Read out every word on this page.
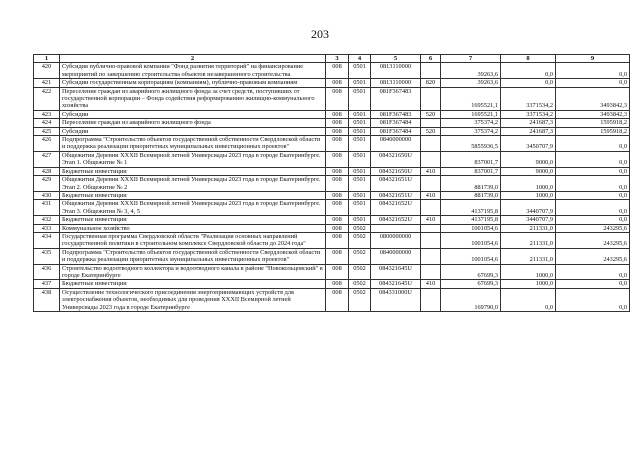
203
1	2	3	4	5	6	7	8	9
420	Субсидия публично-правовой компании "Фонд развития территорий" на финансирование мероприятий по завершению строительства объектов незавершенного строительства	008	0501	0813110000		39263,6	0,0	0,0
421	Субсидии государственным корпорациям (компаниям), публично-правовым компаниям	008	0501	0813110000	820	39263,6	0,0	0,0
422	Переселение граждан из аварийного жилищного фонда за счет средств, поступивших от государственной корпорации – Фонда содействия реформированию жилищно-коммунального хозяйства	008	0501	081F367483		1695521,1	3371534,2	3493842,3
423	Субсидии	008	0501	081F367483	520	1695521,1	3371534,2	3493842,3
424	Переселение граждан из аварийного жилищного фонда	008	0501	081F367484		375374,2	241687,3	1595918,2
425	Субсидии	008	0501	081F367484	520	375374,2	241687,3	1595918,2
426	Подпрограмма "Строительство объектов государственной собственности Свердловской области и поддержка реализации приоритетных муниципальных инвестиционных проектов"	008	0501	0840000000		5855936,5	3450707,9	0,0
427	Общежития Деревни XXXII Всемирной летней Универсиады 2023 года в городе Екатеринбурге. Этап 1. Общежитие № 1	008	0501	084321650U		837001,7	9000,0	0,0
428	Бюджетные инвестиции	008	0501	084321650U	410	837001,7	9000,0	0,0
429	Общежития Деревни XXXII Всемирной летней Универсиады 2023 года в городе Екатеринбурге. Этап 2. Общежитие № 2	008	0501	084321651U		881739,0	1000,0	0,0
430	Бюджетные инвестиции	008	0501	084321651U	410	881739,0	1000,0	0,0
431	Общежития Деревни XXXII Всемирной летней Универсиады 2023 года в городе Екатеринбурге. Этап 3. Общежития № 3, 4, 5	008	0501	084321652U		4137195,8	3440707,9	0,0
432	Бюджетные инвестиции	008	0501	084321652U	410	4137195,8	3440707,9	0,0
433	Коммунальное хозяйство	008	0502			1001054,6	211331,0	243295,6
434	Государственная программа Свердловской области "Реализация основных направлений государственной политики в строительном комплексе Свердловской области до 2024 года"	008	0502	0800000000		1001054,6	211331,0	243295,6
435	Подпрограмма "Строительство объектов государственной собственности Свердловской области и поддержка реализации приоритетных муниципальных инвестиционных проектов"	008	0502	0840000000		1001054,6	211331,0	243295,6
436	Строительство водоотводного коллектора и водоотводного канала в районе "Новокольцовский" в городе Екатеринбурге	008	0502	084321645U		67699,3	1000,0	0,0
437	Бюджетные инвестиции	008	0502	084321645U	410	67699,3	1000,0	0,0
438	Осуществление технологического присоединения энергопринимающих устройств для электроснабжения объектов, необходимых для проведения XXXII Всемирной летней Универсиады 2023 года в городе Екатеринбурге	008	0502	084331000U		169790,0	0,0	0,0
